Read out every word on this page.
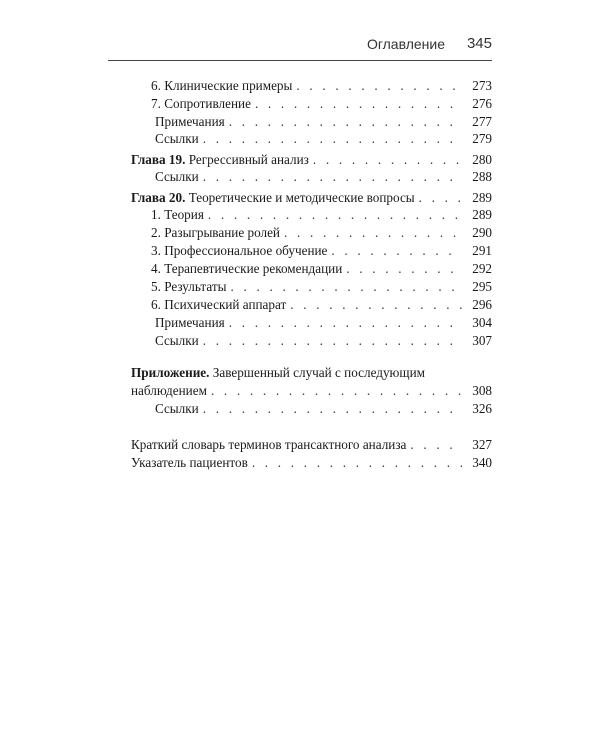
Оглавление 345
6. Клинические примеры . . .	273
7. Сопротивление . . .	276
Примечания . . .	277
Ссылки . . .	279
Глава 19. Регрессивный анализ . . .	280
Ссылки . . .	288
Глава 20. Теоретические и методические вопросы . . .	289
1. Теория . . .	289
2. Разыгрывание ролей . . .	290
3. Профессиональное обучение . . .	291
4. Терапевтические рекомендации . . .	292
5. Результаты . . .	295
6. Психический аппарат . . .	296
Примечания . . .	304
Ссылки . . .	307
Приложение. Завершенный случай с последующим
наблюдением . . .	308
Ссылки . . .	326
Краткий словарь терминов трансактного анализа . . .	327
Указатель пациентов . . .	340
